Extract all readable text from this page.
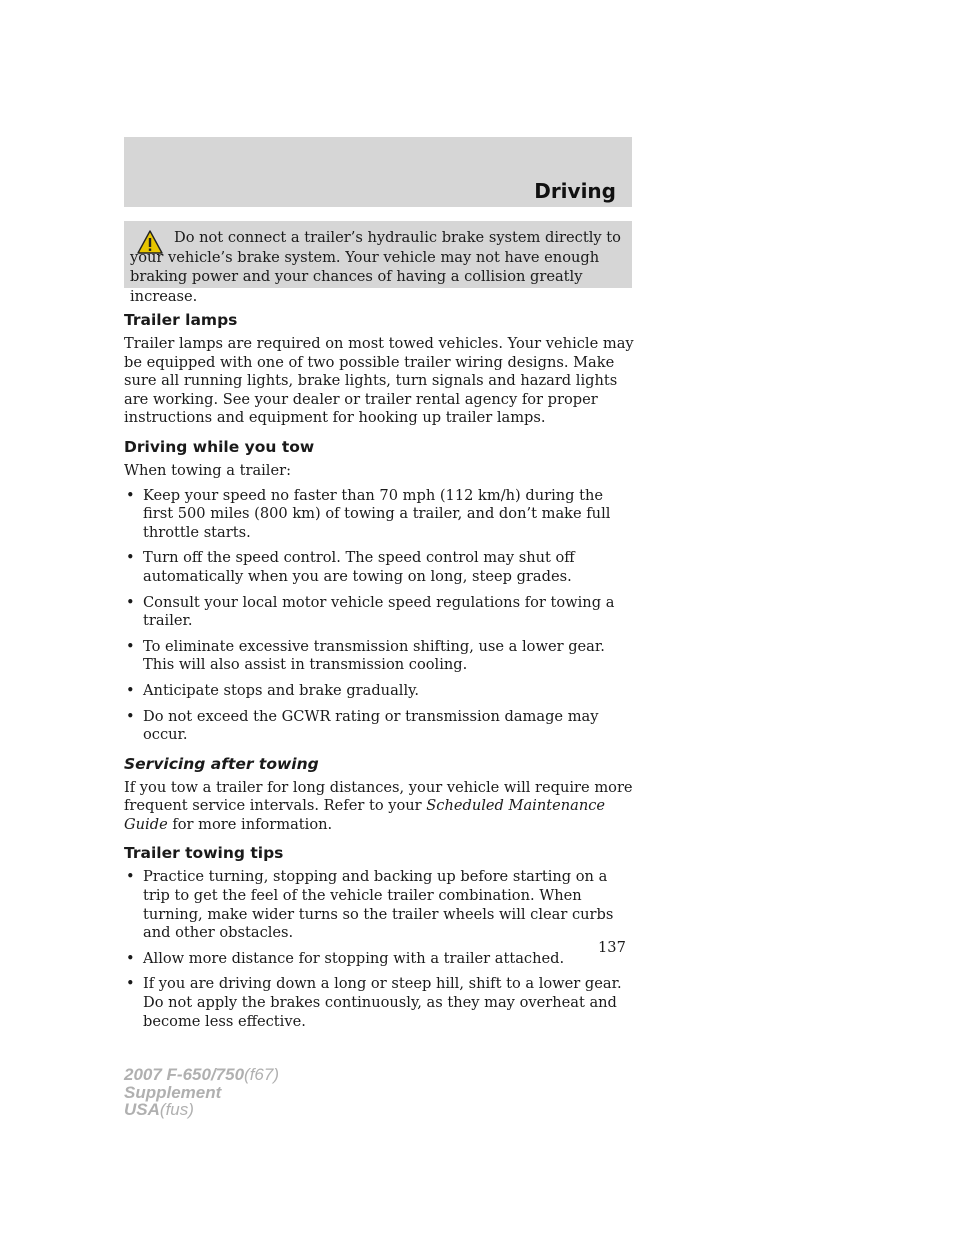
Driving
Do not connect a trailer’s hydraulic brake system directly to your vehicle’s brake system. Your vehicle may not have enough braking power and your chances of having a collision greatly increase.
Trailer lamps

Trailer lamps are required on most towed vehicles. Your vehicle may be equipped with one of two possible trailer wiring designs. Make sure all running lights, brake lights, turn signals and hazard lights are working. See your dealer or trailer rental agency for proper instructions and equipment for hooking up trailer lamps.

Driving while you tow

When towing a trailer:

• Keep your speed no faster than 70 mph (112 km/h) during the first 500 miles (800 km) of towing a trailer, and don’t make full throttle starts.
• Turn off the speed control. The speed control may shut off automatically when you are towing on long, steep grades.
• Consult your local motor vehicle speed regulations for towing a trailer.
• To eliminate excessive transmission shifting, use a lower gear. This will also assist in transmission cooling.
• Anticipate stops and brake gradually.
• Do not exceed the GCWR rating or transmission damage may occur.
Servicing after towing

If you tow a trailer for long distances, your vehicle will require more frequent service intervals. Refer to your Scheduled Maintenance Guide for more information.

Trailer towing tips
• Practice turning, stopping and backing up before starting on a trip to get the feel of the vehicle trailer combination. When turning, make wider turns so the trailer wheels will clear curbs and other obstacles.
• Allow more distance for stopping with a trailer attached.
• If you are driving down a long or steep hill, shift to a lower gear. Do not apply the brakes continuously, as they may overheat and become less effective.
137
2007 F-650/750(f67)
Supplement
USA(fus)
carmanualsonline.info
